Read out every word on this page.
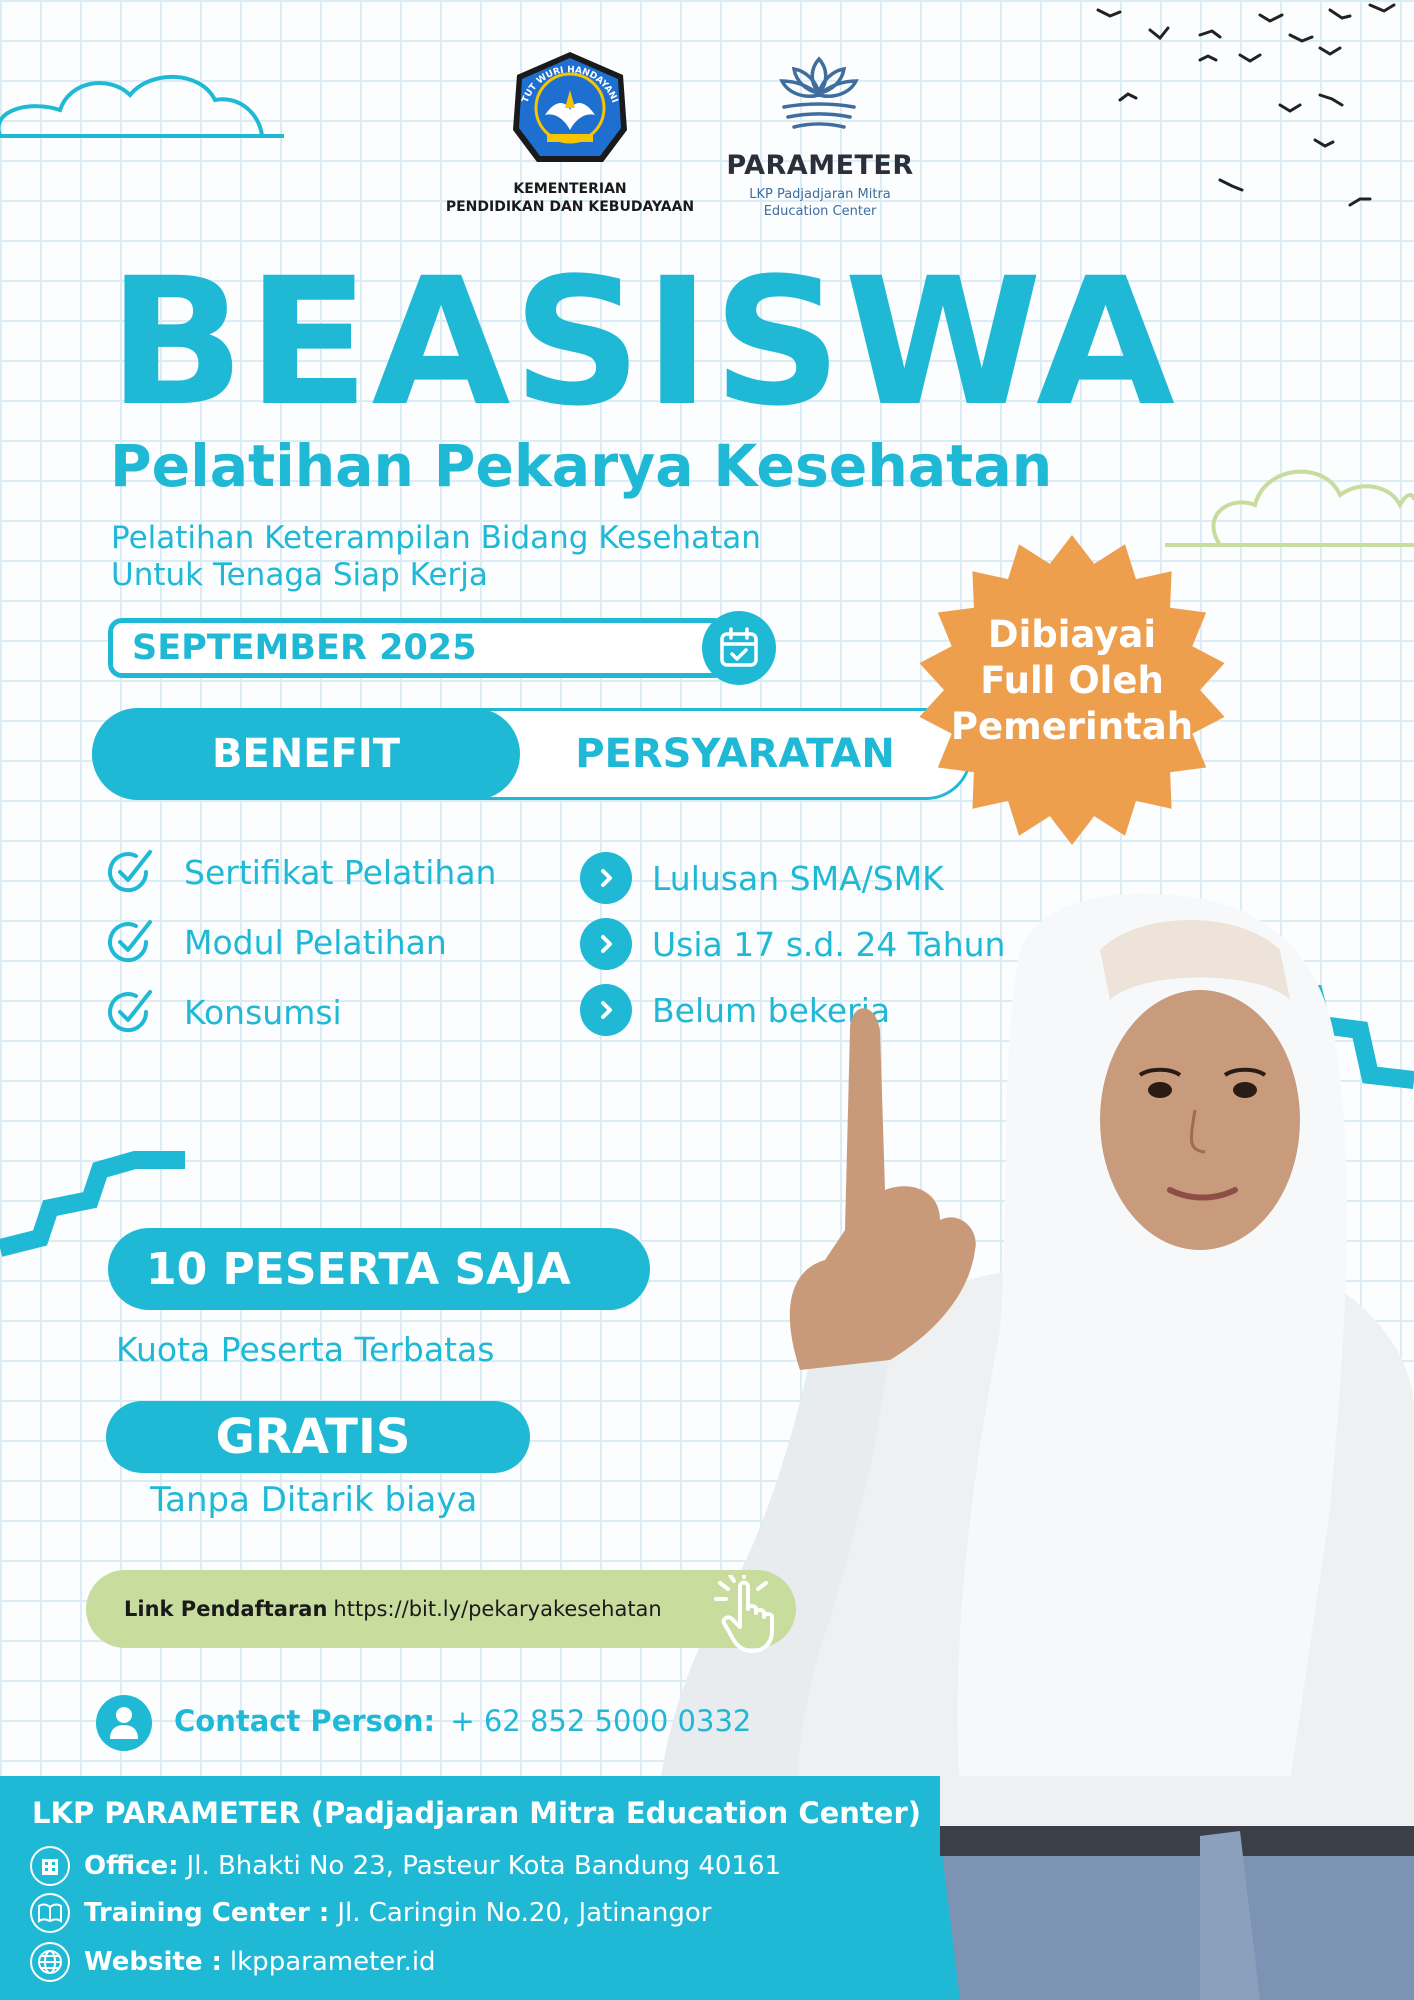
TUT WURI HANDAYANI
KEMENTERIAN
PENDIDIKAN DAN KEBUDAYAAN
PARAMETER
LKP Padjadjaran Mitra
Education Center
BEASISWA
Pelatihan Pekarya Kesehatan
Pelatihan Keterampilan Bidang Kesehatan
Untuk Tenaga Siap Kerja
SEPTEMBER 2025
BENEFIT	PERSYARATAN
Dibiayai
Full Oleh
Pemerintah
Sertifikat Pelatihan
Modul Pelatihan
Konsumsi
Lulusan SMA/SMK
Usia 17 s.d. 24 Tahun
Belum bekerja
10 PESERTA SAJA
Kuota Peserta Terbatas
GRATIS
Tanpa Ditarik biaya
Link Pendaftaran https://bit.ly/pekaryakesehatan
Contact Person: + 62 852 5000 0332
LKP PARAMETER (Padjadjaran Mitra Education Center)
Office: Jl. Bhakti No 23, Pasteur Kota Bandung 40161
Training Center : Jl. Caringin No.20, Jatinangor
Website : lkpparameter.id
